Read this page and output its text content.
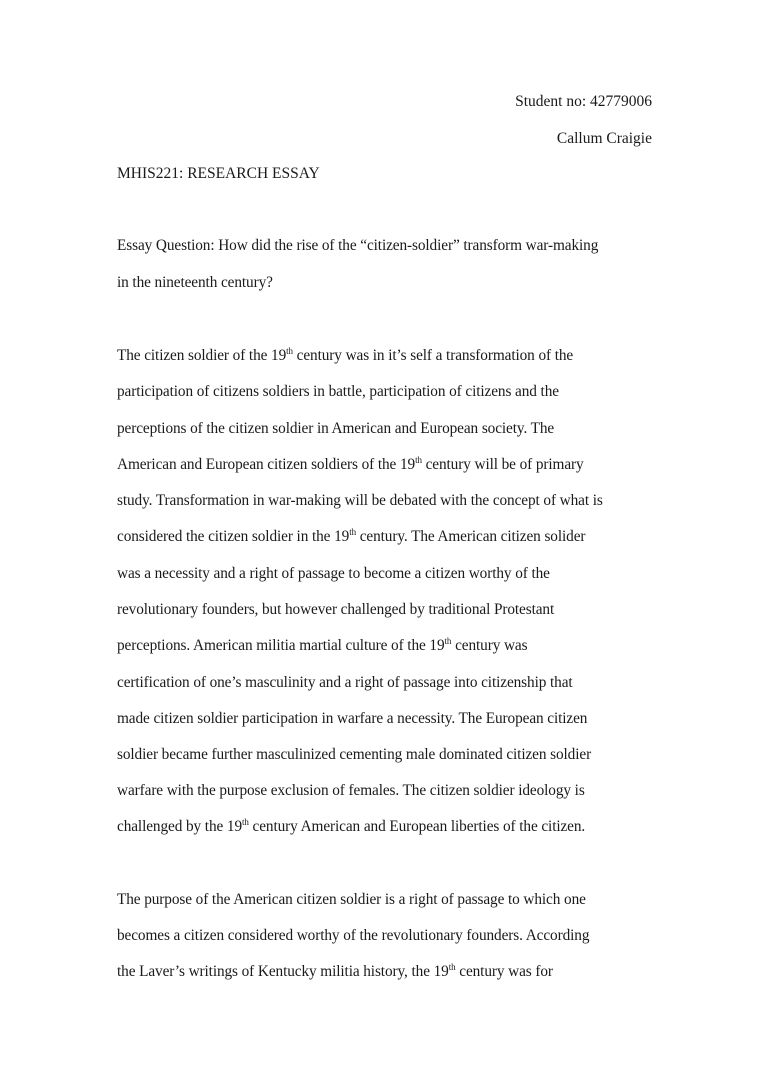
Student no: 42779006
Callum Craigie
MHIS221: RESEARCH ESSAY
Essay Question: How did the rise of the “citizen-soldier” transform war-making
in the nineteenth century?
The citizen soldier of the 19th century was in it’s self a transformation of the
participation of citizens soldiers in battle, participation of citizens and the
perceptions of the citizen soldier in American and European society. The
American and European citizen soldiers of the 19th century will be of primary
study. Transformation in war-making will be debated with the concept of what is
considered the citizen soldier in the 19th century. The American citizen solider
was a necessity and a right of passage to become a citizen worthy of the
revolutionary founders, but however challenged by traditional Protestant
perceptions. American militia martial culture of the 19th century was
certification of one’s masculinity and a right of passage into citizenship that
made citizen soldier participation in warfare a necessity. The European citizen
soldier became further masculinized cementing male dominated citizen soldier
warfare with the purpose exclusion of females. The citizen soldier ideology is
challenged by the 19th century American and European liberties of the citizen.
The purpose of the American citizen soldier is a right of passage to which one
becomes a citizen considered worthy of the revolutionary founders. According
the Laver’s writings of Kentucky militia history, the 19th century was for
